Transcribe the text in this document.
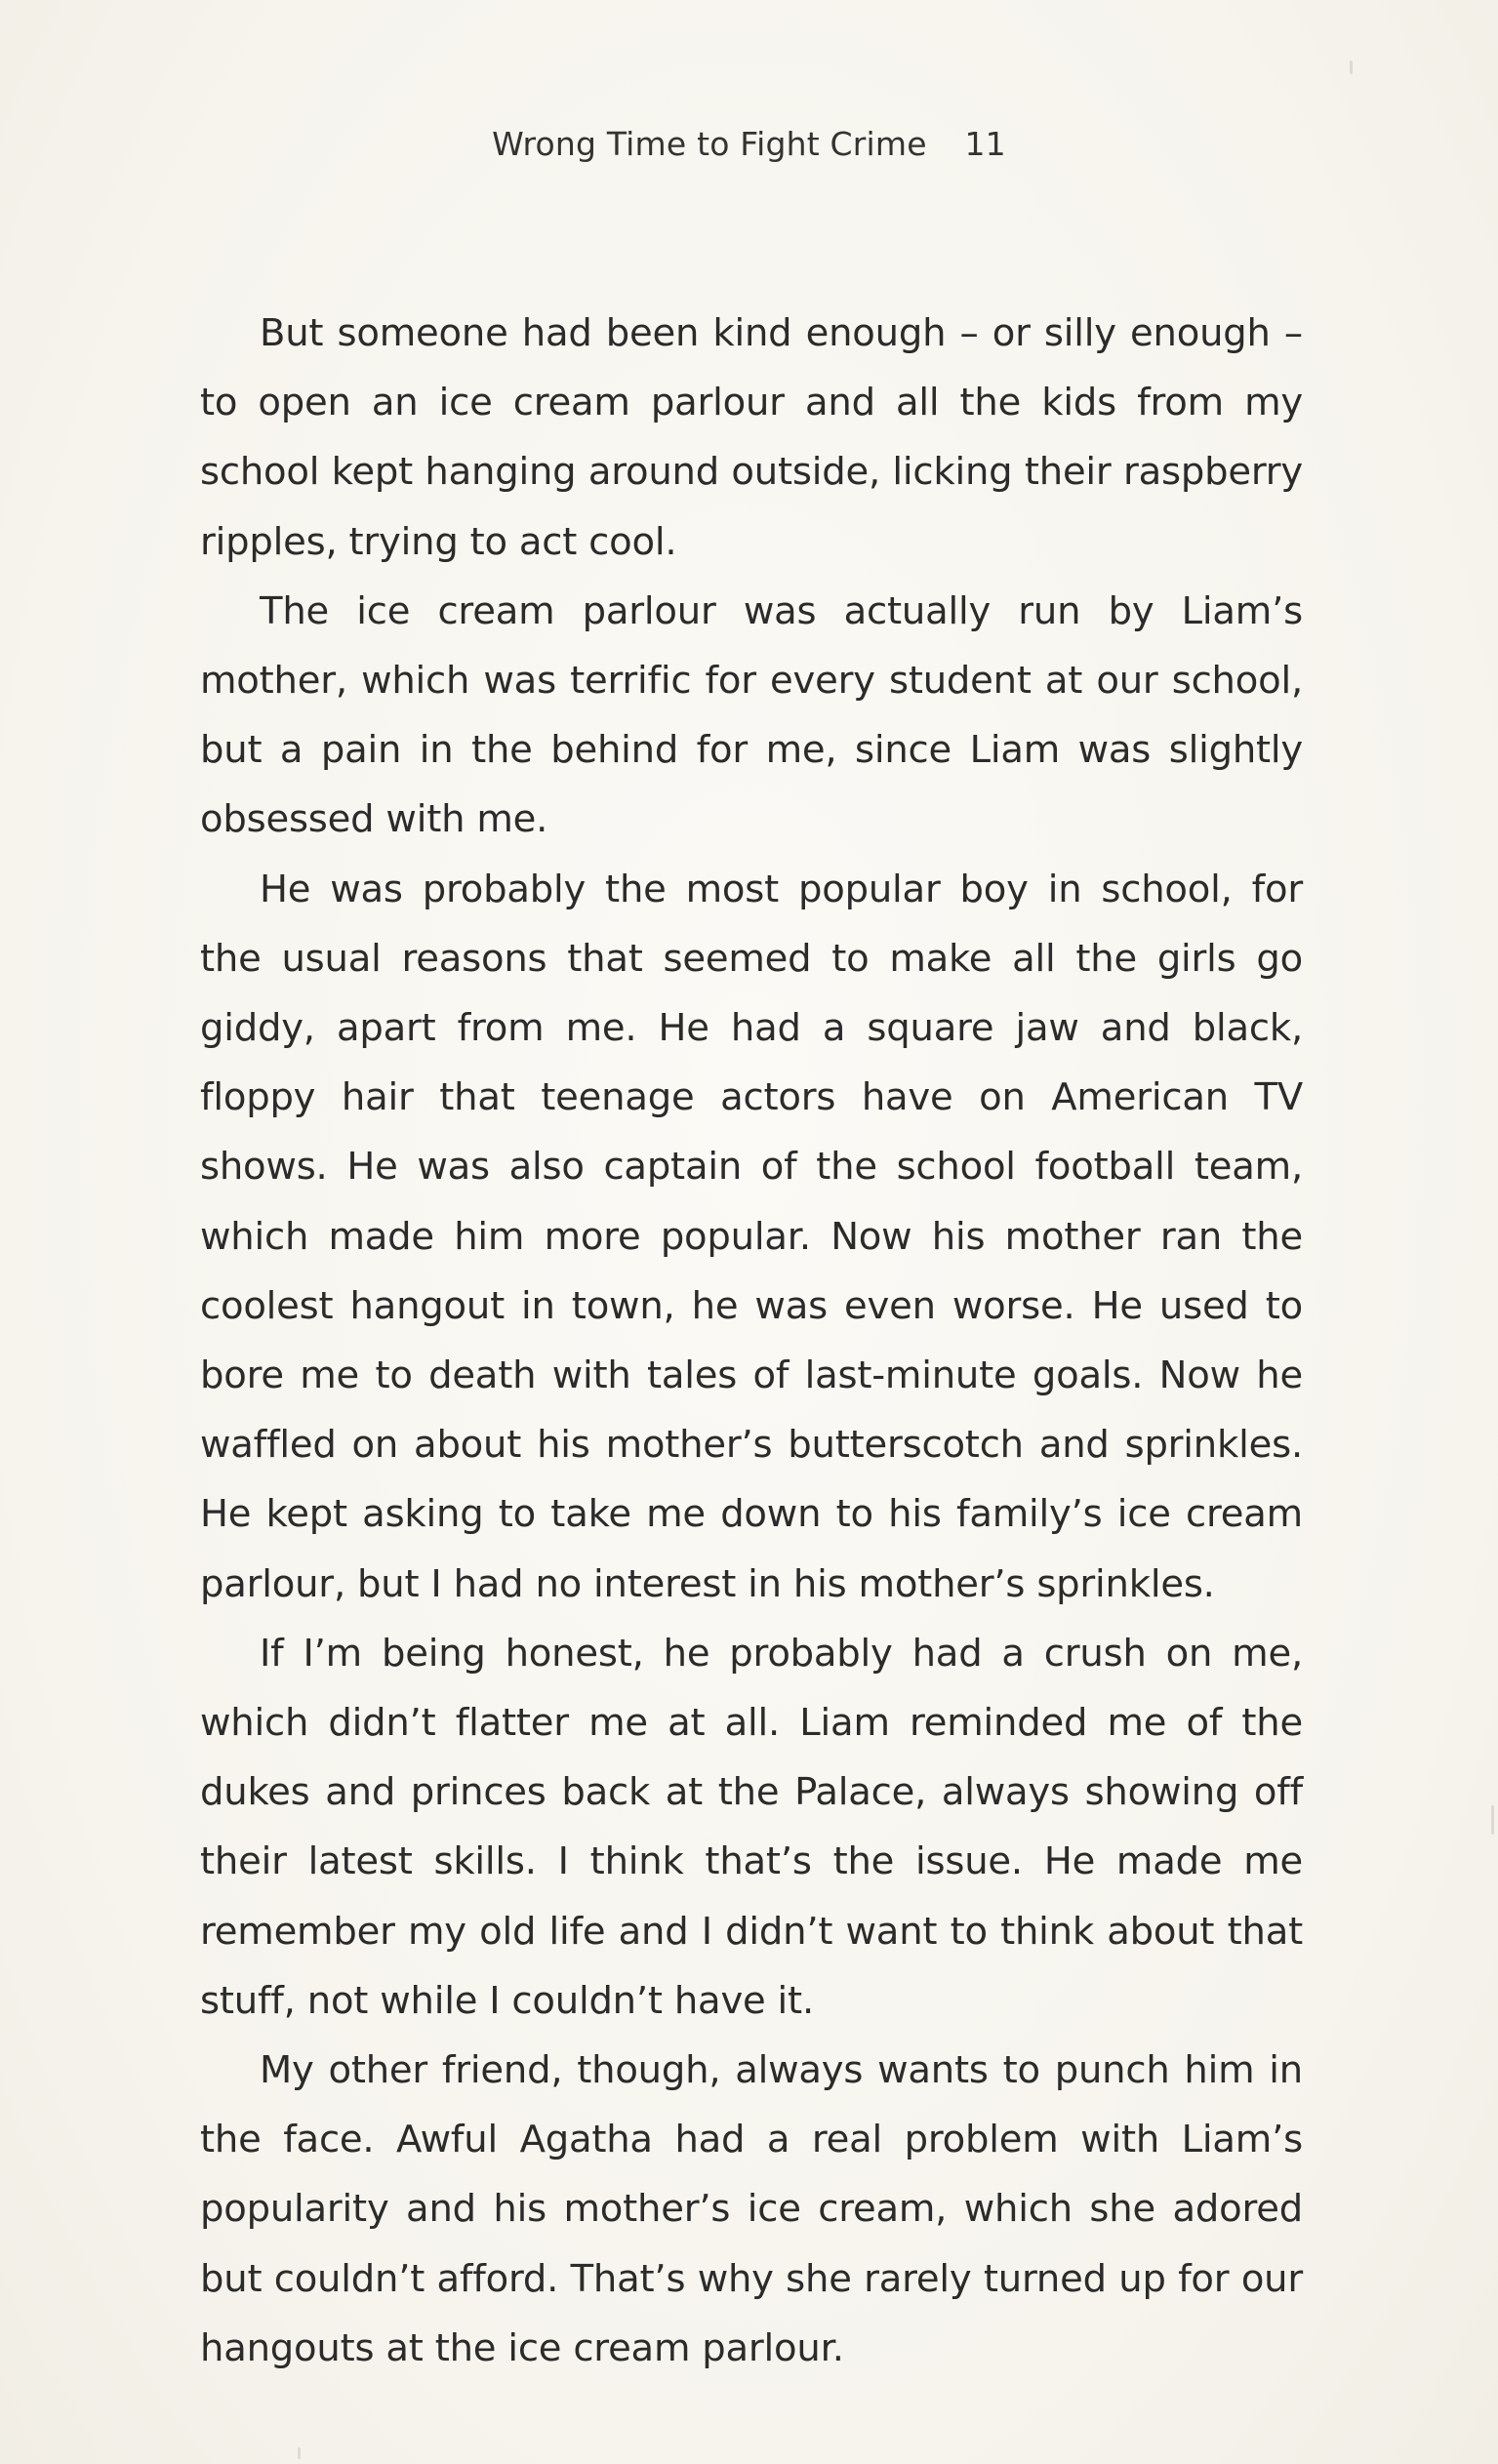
Wrong Time to Fight Crime 11

But someone had been kind enough – or silly enough – to open an ice cream parlour and all the kids from my school kept hanging around outside, licking their raspberry ripples, trying to act cool.

The ice cream parlour was actually run by Liam’s mother, which was terrific for every student at our school, but a pain in the behind for me, since Liam was slightly obsessed with me.

He was probably the most popular boy in school, for the usual reasons that seemed to make all the girls go giddy, apart from me. He had a square jaw and black, floppy hair that teenage actors have on American TV shows. He was also captain of the school football team, which made him more popular. Now his mother ran the coolest hangout in town, he was even worse. He used to bore me to death with tales of last-minute goals. Now he waffled on about his mother’s butterscotch and sprinkles. He kept asking to take me down to his family’s ice cream parlour, but I had no interest in his mother’s sprinkles.

If I’m being honest, he probably had a crush on me, which didn’t flatter me at all. Liam reminded me of the dukes and princes back at the Palace, always showing off their latest skills. I think that’s the issue. He made me remember my old life and I didn’t want to think about that stuff, not while I couldn’t have it.

My other friend, though, always wants to punch him in the face. Awful Agatha had a real problem with Liam’s popularity and his mother’s ice cream, which she adored but couldn’t afford. That’s why she rarely turned up for our hangouts at the ice cream parlour.
